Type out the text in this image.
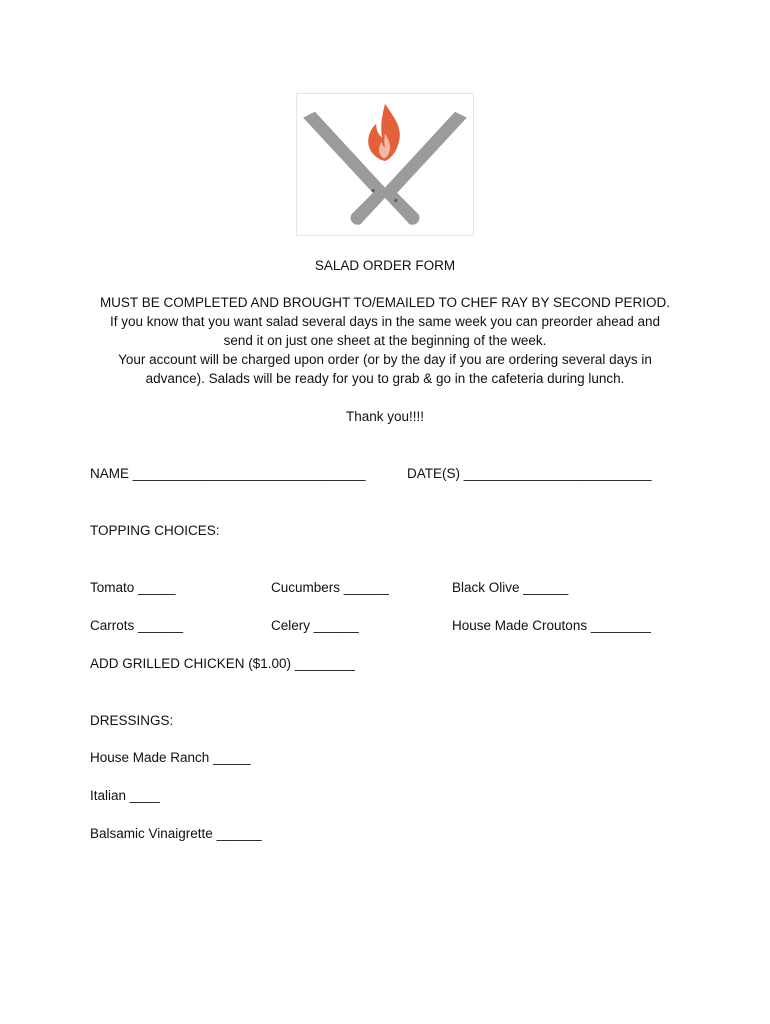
SALAD ORDER FORM
MUST BE COMPLETED AND BROUGHT TO/EMAILED TO CHEF RAY BY SECOND PERIOD.
If you know that you want salad several days in the same week you can preorder ahead and
send it on just one sheet at the beginning of the week.
Your account will be charged upon order (or by the day if you are ordering several days in
advance). Salads will be ready for you to grab & go in the cafeteria during lunch.
Thank you!!!!
NAME _______________________________	DATE(S) _________________________
TOPPING CHOICES:
Tomato _____	Cucumbers ______	Black Olive ______
Carrots ______	Celery ______	House Made Croutons ________
ADD GRILLED CHICKEN ($1.00) ________
DRESSINGS:
House Made Ranch _____
Italian ____
Balsamic Vinaigrette ______
